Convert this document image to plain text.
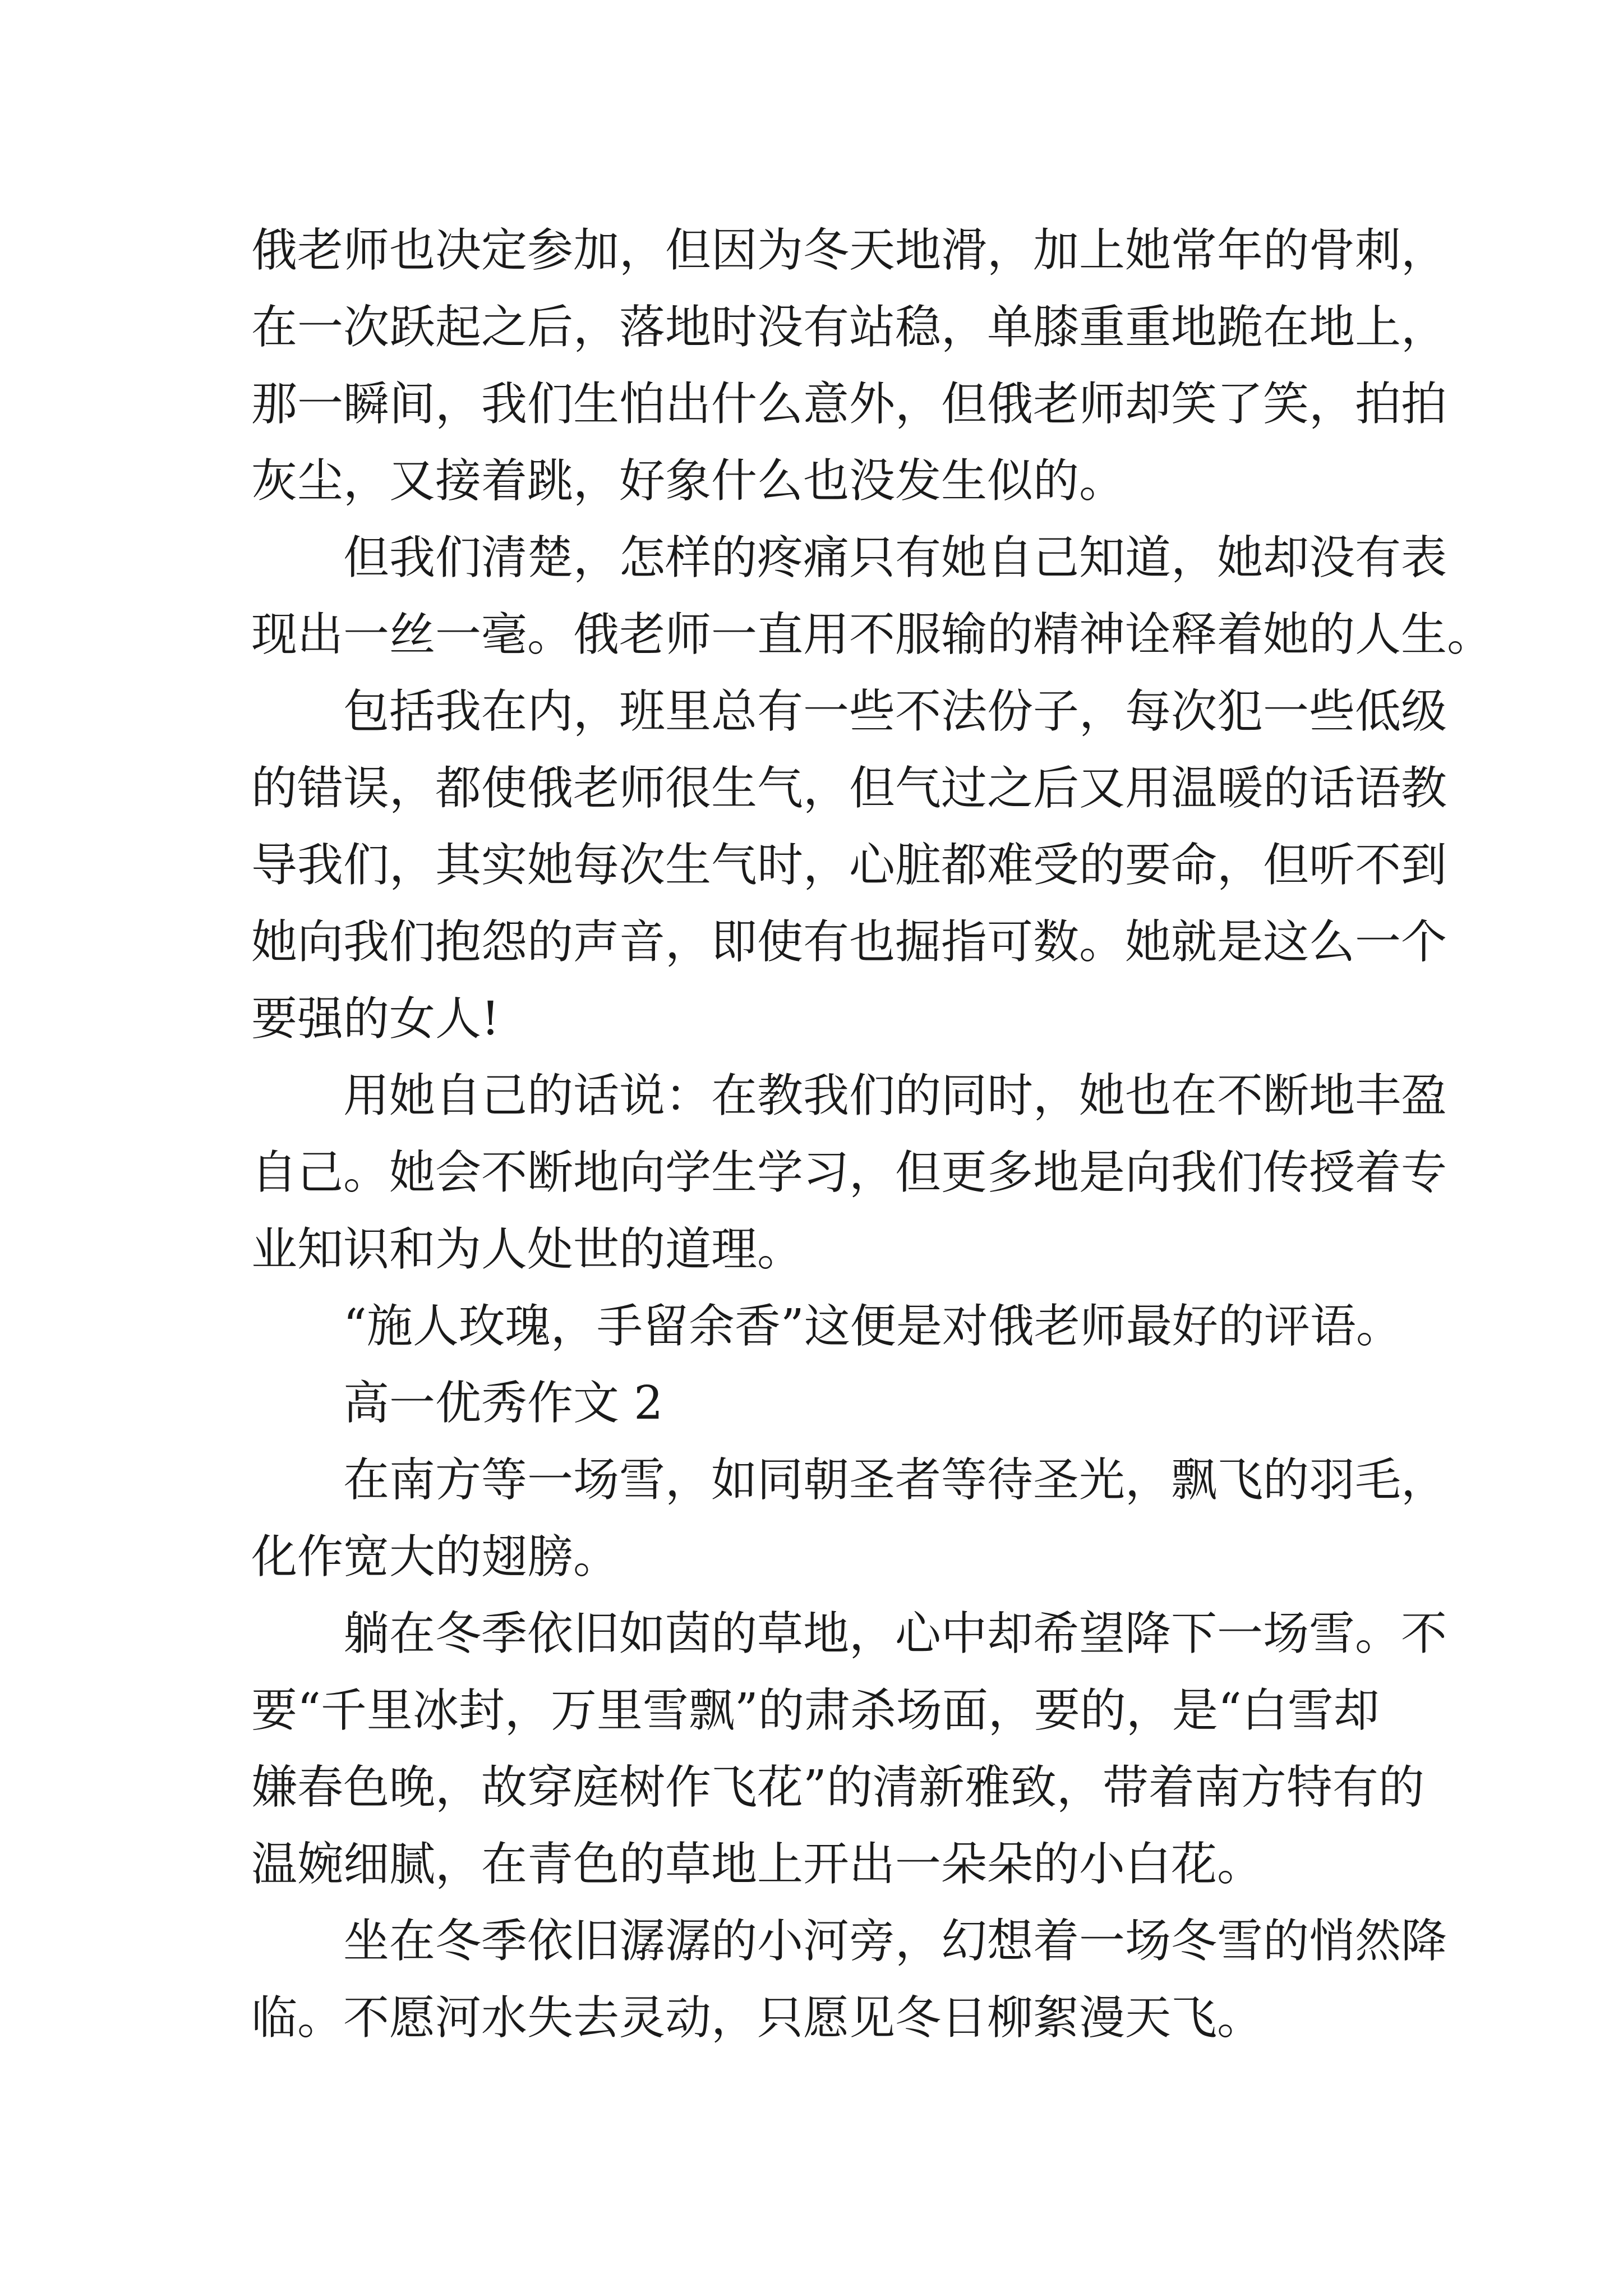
俄老师也决定参加，但因为冬天地滑，加上她常年的骨刺，
在一次跃起之后，落地时没有站稳，单膝重重地跪在地上，
那一瞬间，我们生怕出什么意外，但俄老师却笑了笑，拍拍
灰尘，又接着跳，好象什么也没发生似的。
但我们清楚，怎样的疼痛只有她自己知道，她却没有表
现出一丝一毫。俄老师一直用不服输的精神诠释着她的人生。
包括我在内，班里总有一些不法份子，每次犯一些低级
的错误，都使俄老师很生气，但气过之后又用温暖的话语教
导我们，其实她每次生气时，心脏都难受的要命，但听不到
她向我们抱怨的声音，即使有也掘指可数。她就是这么一个
要强的女人!
用她自己的话说：在教我们的同时，她也在不断地丰盈
自己。她会不断地向学生学习，但更多地是向我们传授着专
业知识和为人处世的道理。
“施人玫瑰，手留余香”这便是对俄老师最好的评语。
高一优秀作文 2
在南方等一场雪，如同朝圣者等待圣光，飘飞的羽毛，
化作宽大的翅膀。
躺在冬季依旧如茵的草地，心中却希望降下一场雪。不
要“千里冰封，万里雪飘”的肃杀场面，要的，是“白雪却
嫌春色晚，故穿庭树作飞花”的清新雅致，带着南方特有的
温婉细腻，在青色的草地上开出一朵朵的小白花。
坐在冬季依旧潺潺的小河旁，幻想着一场冬雪的悄然降
临。不愿河水失去灵动，只愿见冬日柳絮漫天飞。
